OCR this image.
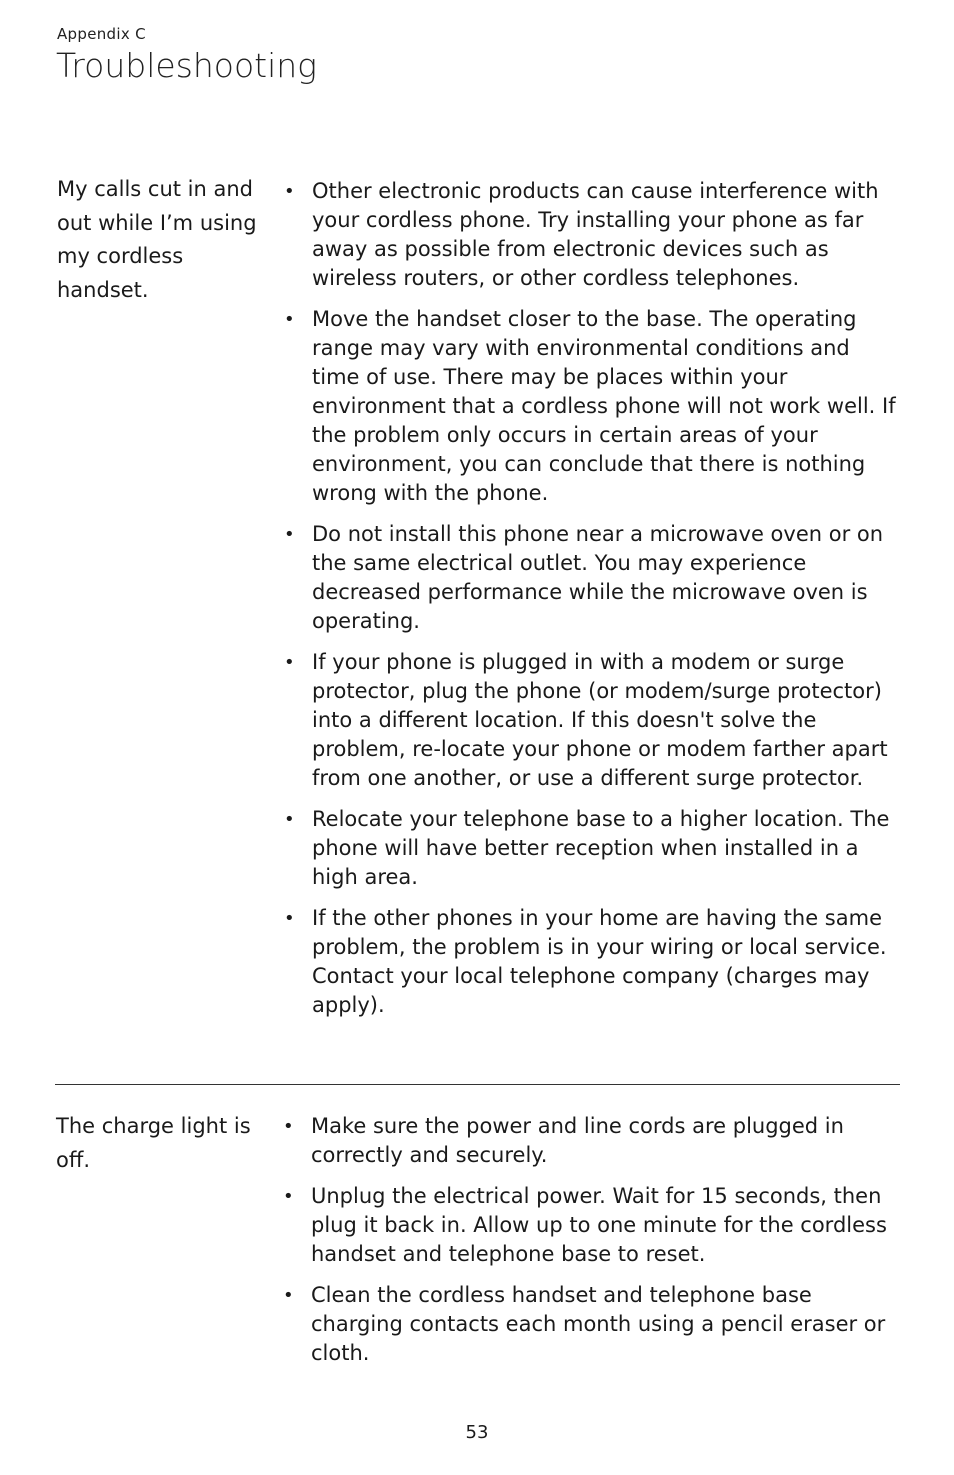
Appendix C
Troubleshooting
My calls cut in and out while I’m using my cordless handset.
• Other electronic products can cause interference with your cordless phone. Try installing your phone as far away as possible from electronic devices such as wireless routers, or other cordless telephones.
• Move the handset closer to the base. The operating range may vary with environmental conditions and time of use. There may be places within your environment that a cordless phone will not work well. If the problem only occurs in certain areas of your environment, you can conclude that there is nothing wrong with the phone.
• Do not install this phone near a microwave oven or on the same electrical outlet. You may experience decreased performance while the microwave oven is operating.
• If your phone is plugged in with a modem or surge protector, plug the phone (or modem/surge protector) into a different location. If this doesn't solve the problem, re-locate your phone or modem farther apart from one another, or use a different surge protector.
• Relocate your telephone base to a higher location. The phone will have better reception when installed in a high area.
• If the other phones in your home are having the same problem, the problem is in your wiring or local service. Contact your local telephone company (charges may apply).
The charge light is off.
• Make sure the power and line cords are plugged in correctly and securely.
• Unplug the electrical power. Wait for 15 seconds, then plug it back in. Allow up to one minute for the cordless handset and telephone base to reset.
• Clean the cordless handset and telephone base charging contacts each month using a pencil eraser or cloth.
53
